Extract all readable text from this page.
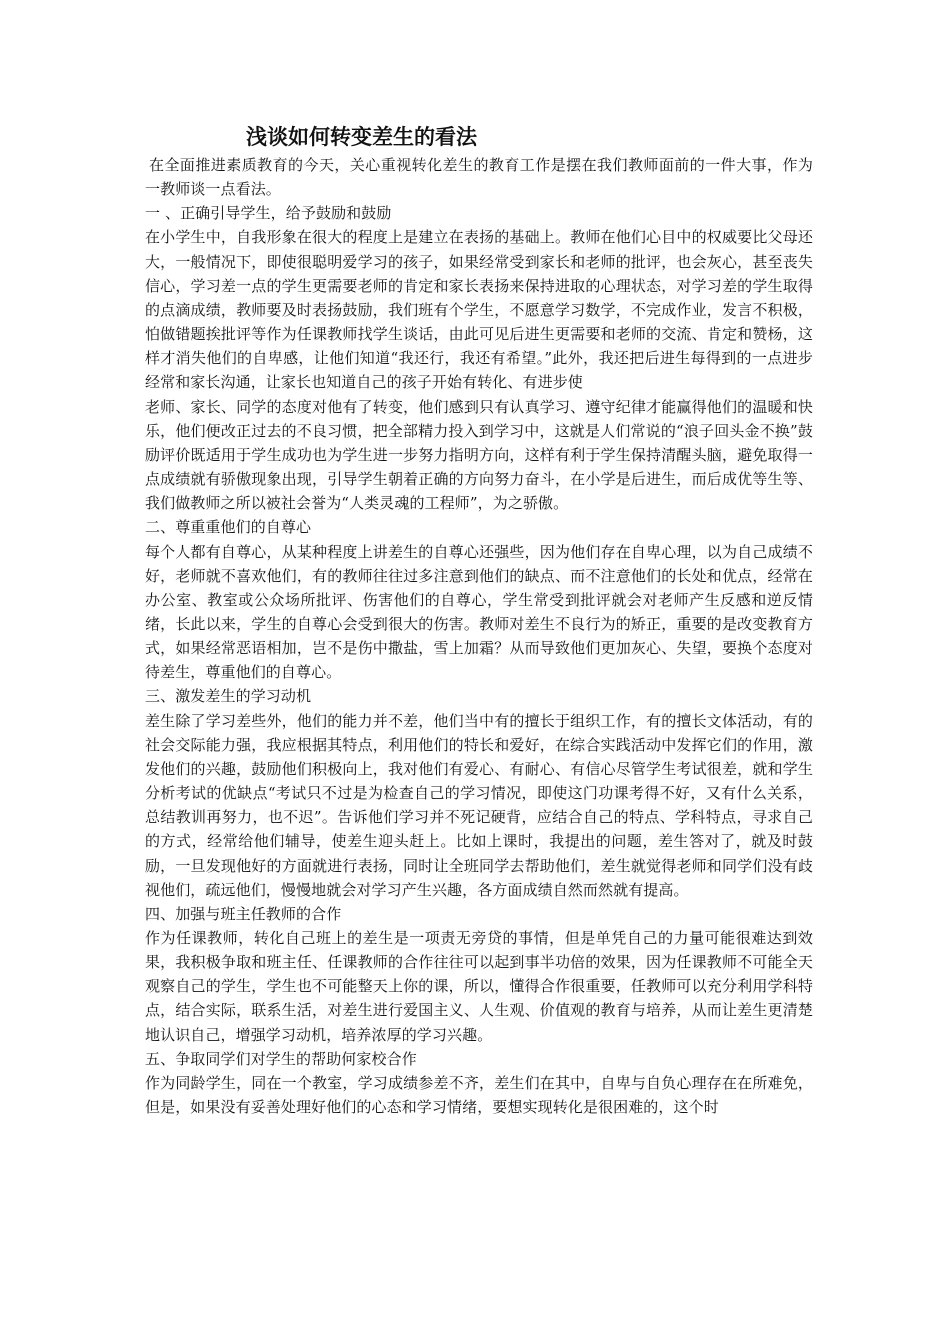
浅谈如何转变差生的看法

在全面推进素质教育的今天，关心重视转化差生的教育工作是摆在我们教师面前的一件大事，作为一教师谈一点看法。

一 、正确引导学生，给予鼓励和鼓励

在小学生中，自我形象在很大的程度上是建立在表扬的基础上。教师在他们心目中的权威要比父母还大，一般情况下，即使很聪明爱学习的孩子，如果经常受到家长和老师的批评，也会灰心，甚至丧失信心，学习差一点的学生更需要老师的肯定和家长表扬来保持进取的心理状态，对学习差的学生取得的点滴成绩，教师要及时表扬鼓励，我们班有个学生，不愿意学习数学，不完成作业，发言不积极，怕做错题挨批评等作为任课教师找学生谈话，由此可见后进生更需要和老师的交流、肯定和赞杨，这样才消失他们的自卑感，让他们知道“我还行，我还有希望。”此外，我还把后进生每得到的一点进步经常和家长沟通，让家长也知道自己的孩子开始有转化、有进步使

老师、家长、同学的态度对他有了转变，他们感到只有认真学习、遵守纪律才能赢得他们的温暖和快乐，他们便改正过去的不良习惯，把全部精力投入到学习中，这就是人们常说的“浪子回头金不换”鼓励评价既适用于学生成功也为学生进一步努力指明方向，这样有利于学生保持清醒头脑，避免取得一点成绩就有骄傲现象出现，引导学生朝着正确的方向努力奋斗，在小学是后进生，而后成优等生等、我们做教师之所以被社会誉为“人类灵魂的工程师”，为之骄傲。

二、尊重重他们的自尊心

每个人都有自尊心，从某种程度上讲差生的自尊心还强些，因为他们存在自卑心理，以为自己成绩不好，老师就不喜欢他们，有的教师往往过多注意到他们的缺点、而不注意他们的长处和优点，经常在办公室、教室或公众场所批评、伤害他们的自尊心，学生常受到批评就会对老师产生反感和逆反情绪，长此以来，学生的自尊心会受到很大的伤害。教师对差生不良行为的矫正，重要的是改变教育方式，如果经常恶语相加，岂不是伤中撒盐，雪上加霜？从而导致他们更加灰心、失望，要换个态度对待差生，尊重他们的自尊心。

三、激发差生的学习动机

差生除了学习差些外，他们的能力并不差，他们当中有的擅长于组织工作，有的擅长文体活动，有的社会交际能力强，我应根据其特点，利用他们的特长和爱好，在综合实践活动中发挥它们的作用，激发他们的兴趣，鼓励他们积极向上，我对他们有爱心、有耐心、有信心尽管学生考试很差，就和学生分析考试的优缺点“考试只不过是为检查自己的学习情况，即使这门功课考得不好，又有什么关系，总结教训再努力，也不迟”。告诉他们学习并不死记硬背，应结合自己的特点、学科特点，寻求自己的方式，经常给他们辅导，使差生迎头赶上。比如上课时，我提出的问题，差生答对了，就及时鼓励，一旦发现他好的方面就进行表扬，同时让全班同学去帮助他们，差生就觉得老师和同学们没有歧视他们，疏远他们，慢慢地就会对学习产生兴趣，各方面成绩自然而然就有提高。

四、加强与班主任教师的合作

作为任课教师，转化自己班上的差生是一项责无旁贷的事情，但是单凭自己的力量可能很难达到效果，我积极争取和班主任、任课教师的合作往往可以起到事半功倍的效果，因为任课教师不可能全天观察自己的学生，学生也不可能整天上你的课，所以，懂得合作很重要，任教师可以充分利用学科特点，结合实际，联系生活，对差生进行爱国主义、人生观、价值观的教育与培养，从而让差生更清楚地认识自己，增强学习动机，培养浓厚的学习兴趣。

五、争取同学们对学生的帮助何家校合作

作为同龄学生，同在一个教室，学习成绩参差不齐，差生们在其中，自卑与自负心理存在在所难免，但是，如果没有妥善处理好他们的心态和学习情绪，要想实现转化是很困难的，这个时
